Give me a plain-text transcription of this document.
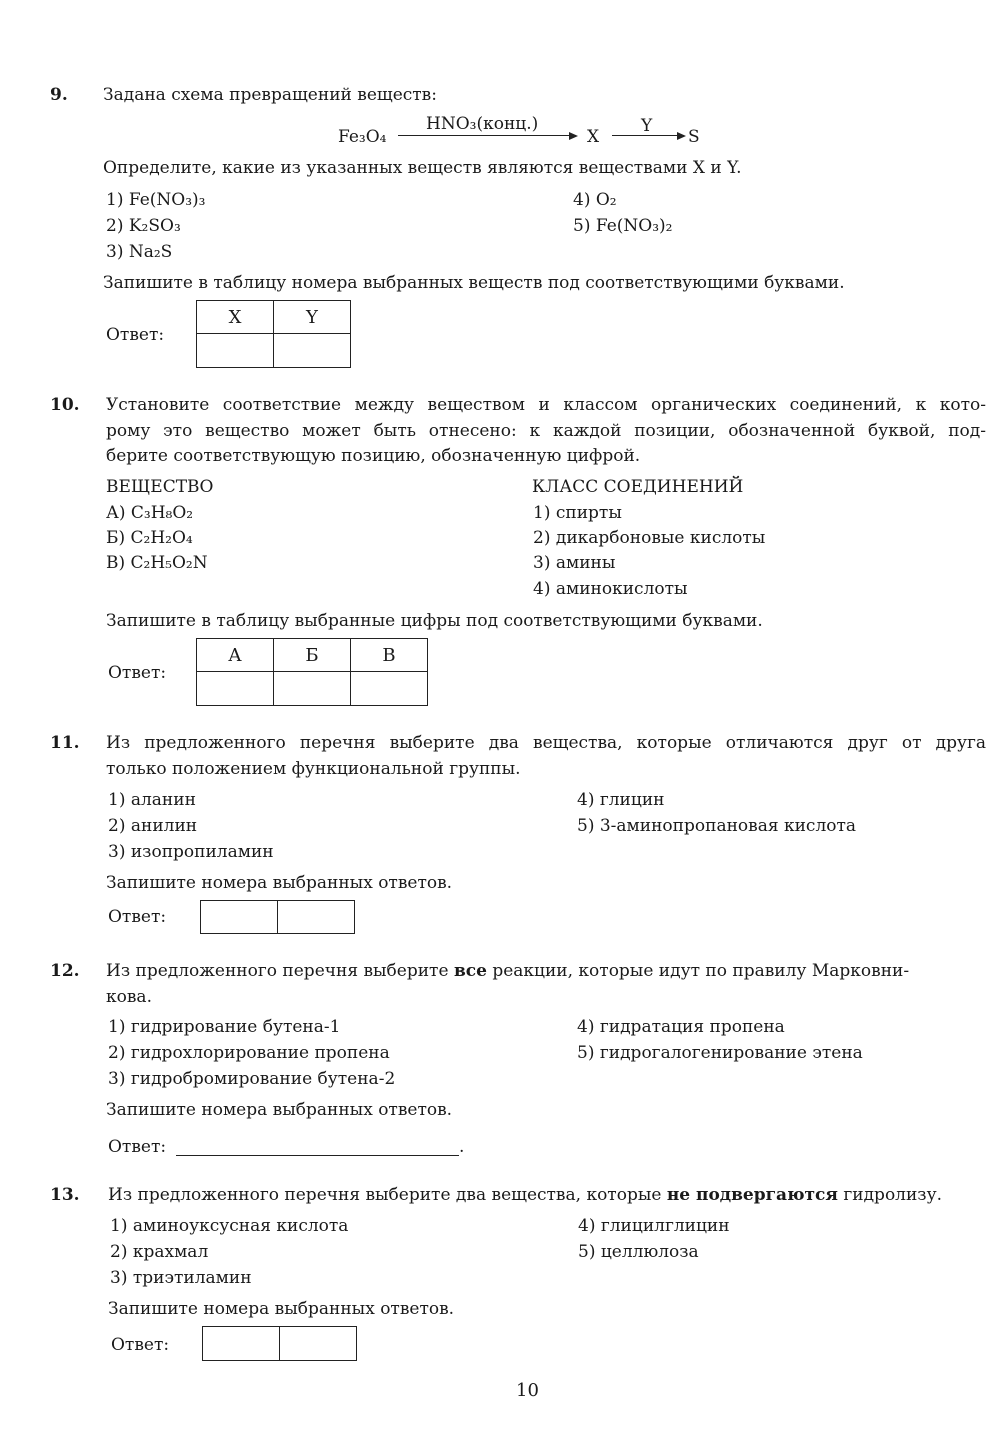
9. Задана схема превращений веществ:
Fe₃O₄
HNO₃(конц.)
X
Y
S
Определите, какие из указанных веществ являются веществами X и Y.
1) Fe(NO₃)₃
2) K₂SO₃
3) Na₂S
4) O₂
5) Fe(NO₃)₂
Запишите в таблицу номера выбранных веществ под соответствующими буквами.
Ответ:
X	Y

10. Установите соответствие между веществом и классом органических соединений, к кото-
рому это вещество может быть отнесено: к каждой позиции, обозначенной буквой, под-
берите соответствующую позицию, обозначенную цифрой.
ВЕЩЕСТВО	КЛАСС СОЕДИНЕНИЙ
А) C₃H₈O₂
Б) C₂H₂O₄
В) C₂H₅O₂N
1) спирты
2) дикарбоновые кислоты
3) амины
4) аминокислоты
Запишите в таблицу выбранные цифры под соответствующими буквами.
Ответ:
А	Б	В

11. Из предложенного перечня выберите два вещества, которые отличаются друг от друга
только положением функциональной группы.
1) аланин
2) анилин
3) изопропиламин
4) глицин
5) 3-аминопропановая кислота
Запишите номера выбранных ответов.
Ответ:

12. Из предложенного перечня выберите все реакции, которые идут по правилу Марковни-
кова.
1) гидрирование бутена-1
2) гидрохлорирование пропена
3) гидробромирование бутена-2
4) гидратация пропена
5) гидрогалогенирование этена
Запишите номера выбранных ответов.
Ответ:	.
13. Из предложенного перечня выберите два вещества, которые не подвергаются гидролизу.
1) аминоуксусная кислота
2) крахмал
3) триэтиламин
4) глицилглицин
5) целлюлоза
Запишите номера выбранных ответов.
Ответ:

10
